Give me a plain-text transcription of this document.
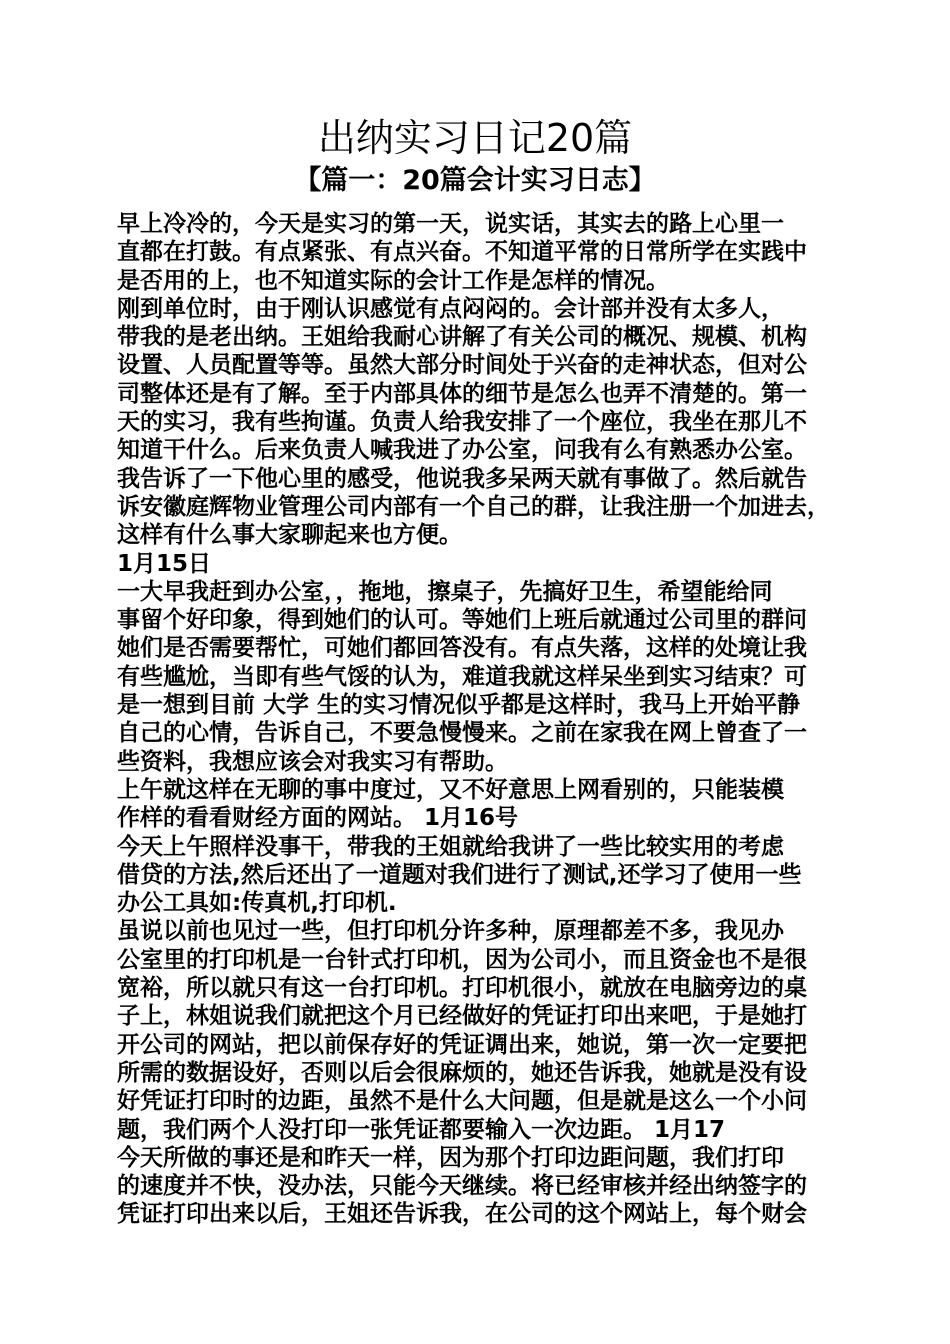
出纳实习日记20篇
【篇一：20篇会计实习日志】
早上冷冷的，今天是实习的第一天，说实话，其实去的路上心里一
直都在打鼓。有点紧张、有点兴奋。不知道平常的日常所学在实践中
是否用的上，也不知道实际的会计工作是怎样的情况。
刚到单位时，由于刚认识感觉有点闷闷的。会计部并没有太多人，
带我的是老出纳。王姐给我耐心讲解了有关公司的概况、规模、机构
设置、人员配置等等。虽然大部分时间处于兴奋的走神状态，但对公
司整体还是有了解。至于内部具体的细节是怎么也弄不清楚的。第一
天的实习，我有些拘谨。负责人给我安排了一个座位，我坐在那儿不
知道干什么。后来负责人喊我进了办公室，问我有么有熟悉办公室。
我告诉了一下他心里的感受，他说我多呆两天就有事做了。然后就告
诉安徽庭辉物业管理公司内部有一个自己的群，让我注册一个加进去，
这样有什么事大家聊起来也方便。
1月15日
一大早我赶到办公室，，拖地，擦桌子，先搞好卫生，希望能给同
事留个好印象，得到她们的认可。等她们上班后就通过公司里的群问
她们是否需要帮忙，可她们都回答没有。有点失落，这样的处境让我
有些尴尬，当即有些气馁的认为，难道我就这样呆坐到实习结束？可
是一想到目前 大学 生的实习情况似乎都是这样时，我马上开始平静
自己的心情，告诉自己，不要急慢慢来。之前在家我在网上曾查了一
些资料，我想应该会对我实习有帮助。
上午就这样在无聊的事中度过，又不好意思上网看别的，只能装模
作样的看看财经方面的网站。 1月16号
今天上午照样没事干，带我的王姐就给我讲了一些比较实用的考虑
借贷的方法,然后还出了一道题对我们进行了测试,还学习了使用一些
办公工具如:传真机,打印机.
虽说以前也见过一些，但打印机分许多种，原理都差不多，我见办
公室里的打印机是一台针式打印机，因为公司小，而且资金也不是很
宽裕，所以就只有这一台打印机。打印机很小，就放在电脑旁边的桌
子上，林姐说我们就把这个月已经做好的凭证打印出来吧，于是她打
开公司的网站，把以前保存好的凭证调出来，她说，第一次一定要把
所需的数据设好，否则以后会很麻烦的，她还告诉我，她就是没有设
好凭证打印时的边距，虽然不是什么大问题，但是就是这么一个小问
题，我们两个人没打印一张凭证都要输入一次边距。 1月17
今天所做的事还是和昨天一样，因为那个打印边距问题，我们打印
的速度并不快，没办法，只能今天继续。将已经审核并经出纳签字的
凭证打印出来以后，王姐还告诉我，在公司的这个网站上，每个财会
